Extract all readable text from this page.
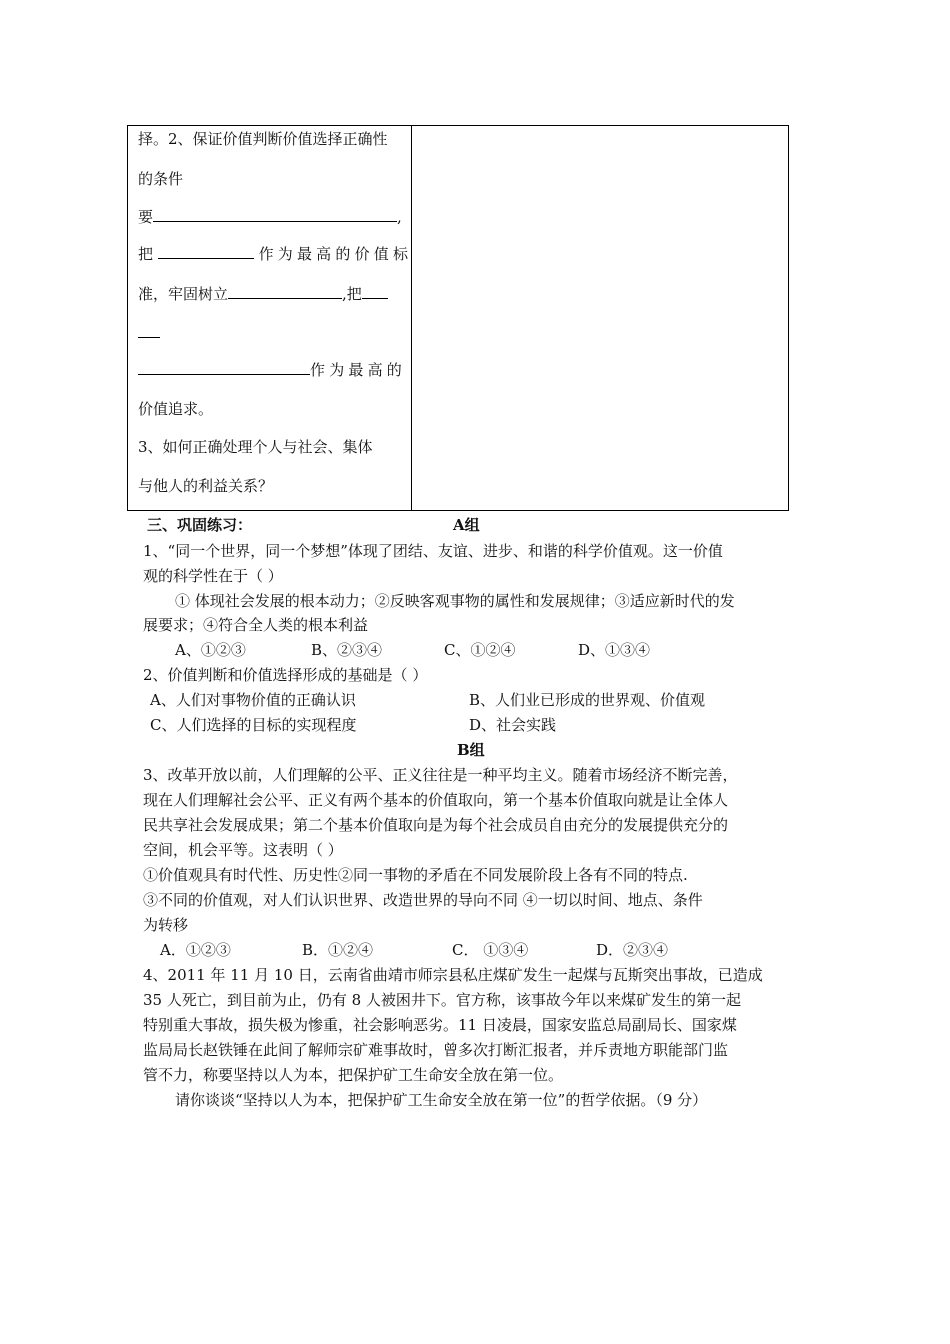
择。2、保证价值判断价值选择正确性
的条件
要	,
把	作为最高的价值标
准，牢固树立	,把
作为最高的
价值追求。
3、如何正确处理个人与社会、集体
与他人的利益关系？
三、巩固练习：	A组
1、“同一个世界，同一个梦想”体现了团结、友谊、进步、和谐的科学价值观。这一价值
观的科学性在于（ ）
① 体现社会发展的根本动力；②反映客观事物的属性和发展规律；③适应新时代的发
展要求；④符合全人类的根本利益
A、①②③	B、②③④	C、①②④	D、①③④
2、价值判断和价值选择形成的基础是（ ）
A、人们对事物价值的正确认识	B、人们业已形成的世界观、价值观
C、人们选择的目标的实现程度	D、社会实践
B组
3、改革开放以前，人们理解的公平、正义往往是一种平均主义。随着市场经济不断完善，
现在人们理解社会公平、正义有两个基本的价值取向，第一个基本价值取向就是让全体人
民共享社会发展成果；第二个基本价值取向是为每个社会成员自由充分的发展提供充分的
空间，机会平等。这表明（ ）
①价值观具有时代性、历史性②同一事物的矛盾在不同发展阶段上各有不同的特点.
③不同的价值观，对人们认识世界、改造世界的导向不同 ④一切以时间、地点、条件
为转移
A．①②③	B．①②④	C． ①③④	D．②③④
4、2011 年 11 月 10 日，云南省曲靖市师宗县私庄煤矿发生一起煤与瓦斯突出事故，已造成
35 人死亡，到目前为止，仍有 8 人被困井下。官方称，该事故今年以来煤矿发生的第一起
特别重大事故，损失极为惨重，社会影响恶劣。11 日凌晨，国家安监总局副局长、国家煤
监局局长赵铁锤在此间了解师宗矿难事故时，曾多次打断汇报者，并斥责地方职能部门监
管不力，称要坚持以人为本，把保护矿工生命安全放在第一位。
请你谈谈“坚持以人为本，把保护矿工生命安全放在第一位”的哲学依据。（9 分）
